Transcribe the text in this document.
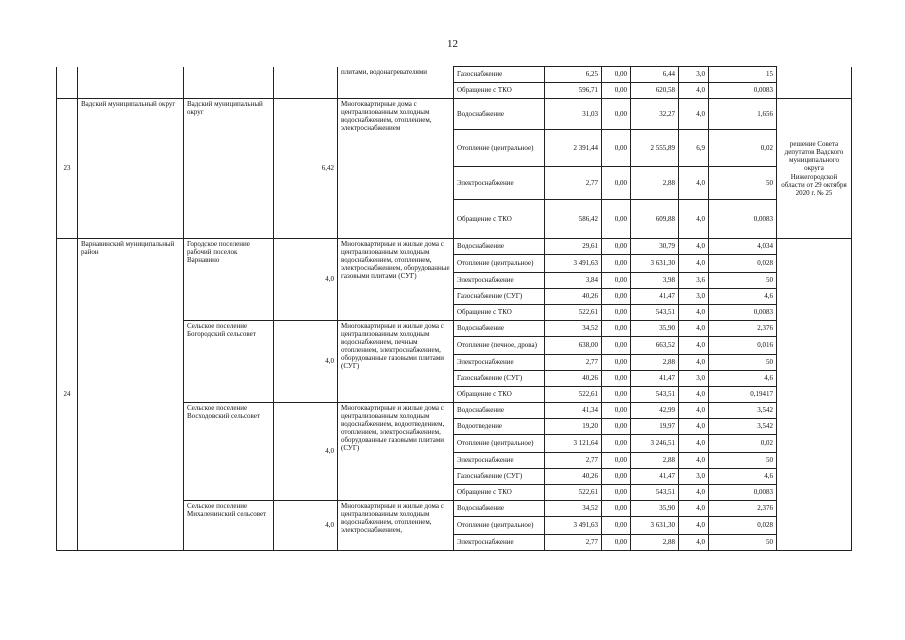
12
				плитами, водонагревателями	Газоснабжение	6,25	0,00	6,44	3,0	15	
					Обращение с ТКО	596,71	0,00	620,58	4,0	0,0083	
23	Вадский муниципальный округ	Вадский муниципальный округ	6,42	Многоквартирные дома с централизованным холодным водоснабжением, отоплением, электроснабжением	Водоснабжение	31,03	0,00	32,27	4,0	1,656	решение Совета депутатов Вадского муниципального округа Нижегородской области от 29 октября 2020 г. № 25
					Отопление (центральное)	2 391,44	0,00	2 555,89	6,9	0,02	
					Электроснабжение	2,77	0,00	2,88	4,0	50	
					Обращение с ТКО	586,42	0,00	609,88	4,0	0,0083	
24	Варнавинский муниципальный район	Городское поселение рабочий поселок Варнавино	4,0	Многоквартирные и жилые дома с централизованным холодным водоснабжением, отоплением, электроснабжением, оборудованные газовыми плитами (СУГ)	Водоснабжение	29,61	0,00	30,79	4,0	4,034	
					Отопление (центральное)	3 491,63	0,00	3 631,30	4,0	0,028	
					Электроснабжение	3,84	0,00	3,98	3,6	50	
					Газоснабжение (СУГ)	40,26	0,00	41,47	3,0	4,6	
					Обращение с ТКО	522,61	0,00	543,51	4,0	0,0083	
		Сельское поселение Богородский сельсовет	4,0	Многоквартирные и жилые дома с централизованным холодным водоснабжением, печным отоплением, электроснабжением, оборудованные газовыми плитами (СУГ)	Водоснабжение	34,52	0,00	35,90	4,0	2,376	
					Отопление (печное, дрова)	638,00	0,00	663,52	4,0	0,016	
					Электроснабжение	2,77	0,00	2,88	4,0	50	
					Газоснабжение (СУГ)	40,26	0,00	41,47	3,0	4,6	
					Обращение с ТКО	522,61	0,00	543,51	4,0	0,19417	
		Сельское поселение Восходовский сельсовет	4,0	Многоквартирные и жилые дома с централизованным холодным водоснабжением, водоотведением, отоплением, электроснабжением, оборудованные газовыми плитами (СУГ)	Водоснабжение	41,34	0,00	42,99	4,0	3,542	
					Водоотведение	19,20	0,00	19,97	4,0	3,542	
					Отопление (центральное)	3 121,64	0,00	3 246,51	4,0	0,02	
					Электроснабжение	2,77	0,00	2,88	4,0	50	
					Газоснабжение (СУГ)	40,26	0,00	41,47	3,0	4,6	
					Обращение с ТКО	522,61	0,00	543,51	4,0	0,0083	
		Сельское поселение Михаленинский сельсовет	4,0	Многоквартирные и жилые дома с централизованным холодным водоснабжением, отоплением, электроснабжением,	Водоснабжение	34,52	0,00	35,90	4,0	2,376	
					Отопление (центральное)	3 491,63	0,00	3 631,30	4,0	0,028	
					Электроснабжение	2,77	0,00	2,88	4,0	50	
